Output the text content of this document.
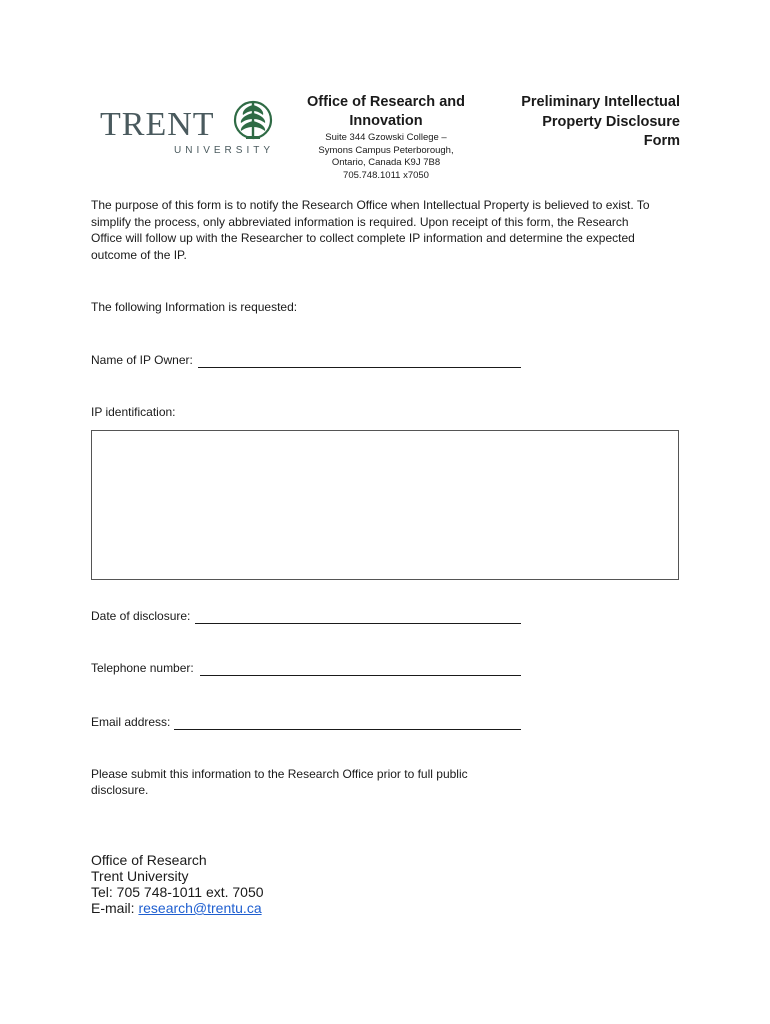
TRENT
UNIVERSITY
Office of Research and
Innovation
Suite 344 Gzowski College –
Symons Campus Peterborough,
Ontario, Canada K9J 7B8
705.748.1011 x7050
Preliminary Intellectual
Property Disclosure
Form
The purpose of this form is to notify the Research Office when Intellectual Property is believed to exist. To
simplify the process, only abbreviated information is required. Upon receipt of this form, the Research
Office will follow up with the Researcher to collect complete IP information and determine the expected
outcome of the IP.
The following Information is requested:
Name of IP Owner:
IP identification:
Date of disclosure:
Telephone number:
Email address:
Please submit this information to the Research Office prior to full public
disclosure.
Office of Research
Trent University
Tel: 705 748-1011 ext. 7050
E-mail: research@trentu.ca
